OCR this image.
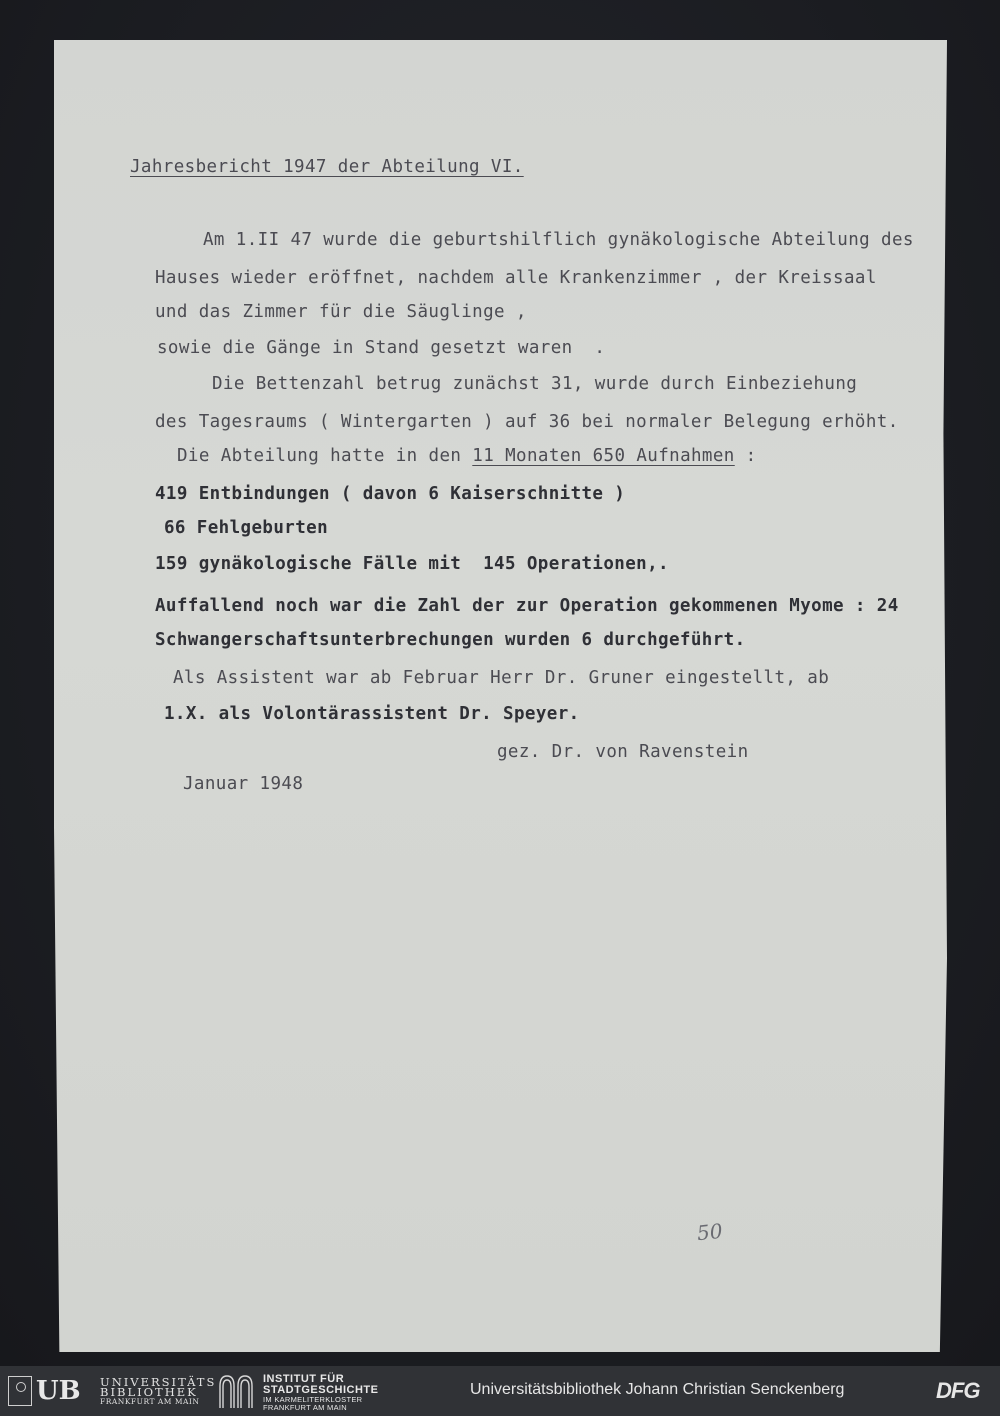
Jahresbericht 1947 der Abteilung VI.
Am 1.II 47 wurde die geburtshilflich gynäkologische Abteilung des
Hauses wieder eröffnet, nachdem alle Krankenzimmer , der Kreissaal
und das Zimmer für die Säuglinge ,
sowie die Gänge in Stand gesetzt waren  .
Die Bettenzahl betrug zunächst 31, wurde durch Einbeziehung
des Tagesraums ( Wintergarten ) auf 36 bei normaler Belegung erhöht.
Die Abteilung hatte in den 11 Monaten 650 Aufnahmen :
419 Entbindungen ( davon 6 Kaiserschnitte )
66 Fehlgeburten
159 gynäkologische Fälle mit  145 Operationen,.
Auffallend noch war die Zahl der zur Operation gekommenen Myome : 24
Schwangerschaftsunterbrechungen wurden 6 durchgeführt.
Als Assistent war ab Februar Herr Dr. Gruner eingestellt, ab
1.X. als Volontärassistent Dr. Speyer.
gez. Dr. von Ravenstein
Januar 1948
50
UB UNIVERSITÄTS
BIBLIOTHEK
FRANKFURT AM MAIN
INSTITUT FÜR
STADTGESCHICHTE
IM KARMELITERKLOSTER
FRANKFURT AM MAIN
Universitätsbibliothek Johann Christian Senckenberg	DFG
